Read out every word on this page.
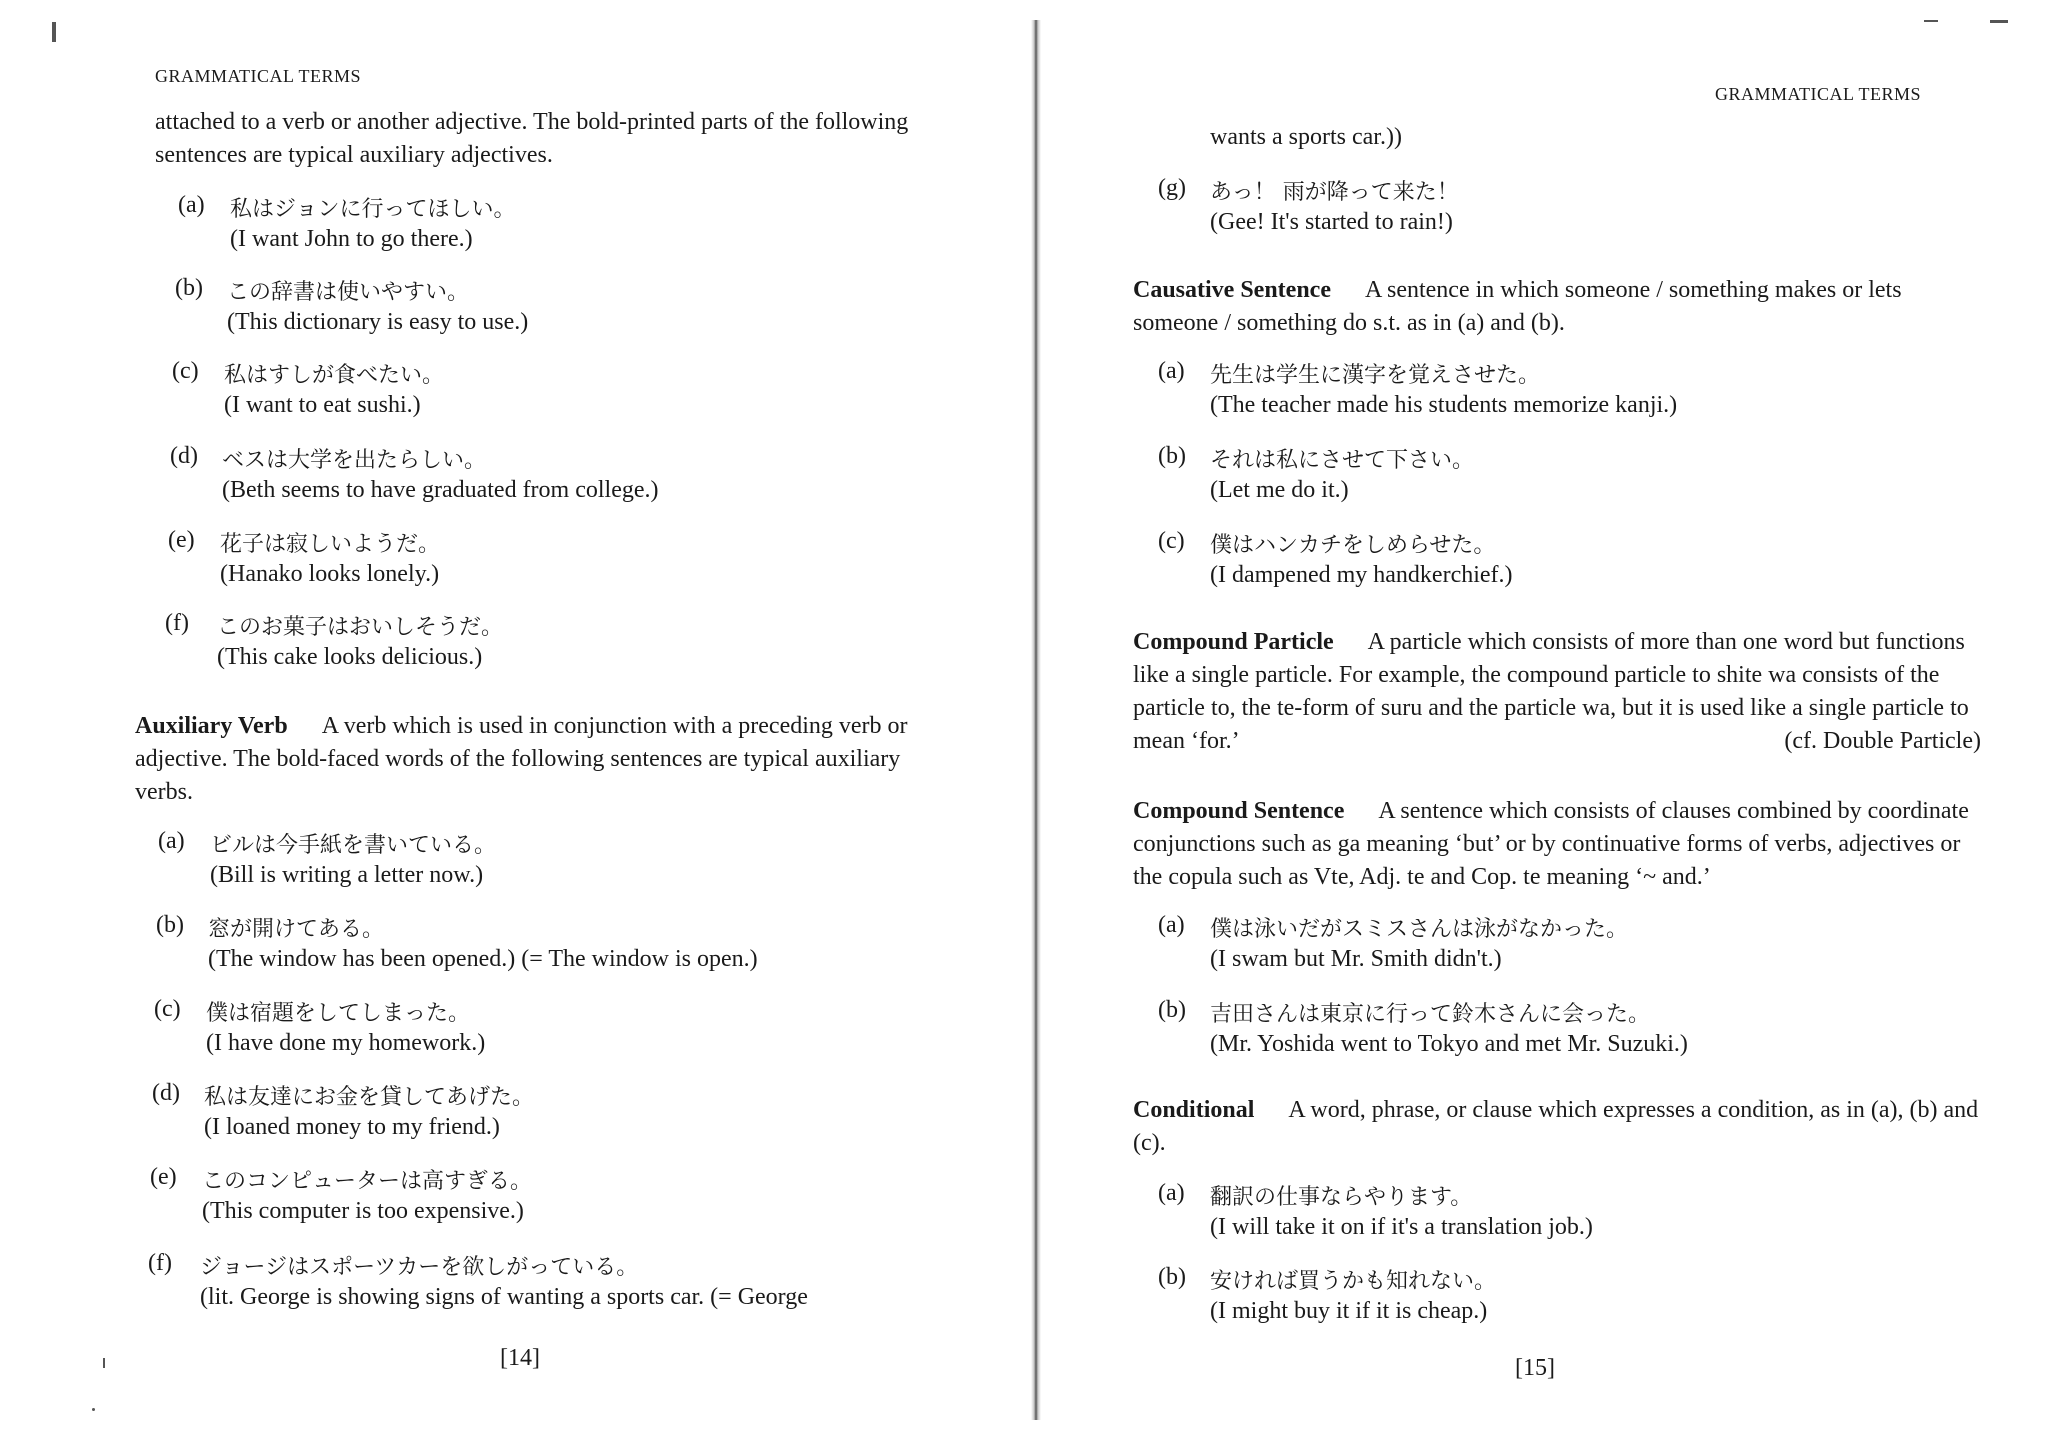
GRAMMATICAL TERMS
attached to a verb or another adjective. The bold-printed parts of the following sentences are typical auxiliary adjectives.
(a) 私はジョンに行ってほしい。
(I want John to go there.)
(b) この辞書は使いやすい。
(This dictionary is easy to use.)
(c) 私はすしが食べたい。
(I want to eat sushi.)
(d) ベスは大学を出たらしい。
(Beth seems to have graduated from college.)
(e) 花子は寂しいようだ。
(Hanako looks lonely.)
(f) このお菓子はおいしそうだ。
(This cake looks delicious.)
Auxiliary Verb A verb which is used in conjunction with a preceding verb or adjective. The bold-faced words of the following sentences are typical auxiliary verbs.
(a) ビルは今手紙を書いている。
(Bill is writing a letter now.)
(b) 窓が開けてある。
(The window has been opened.) (= The window is open.)
(c) 僕は宿題をしてしまった。
(I have done my homework.)
(d) 私は友達にお金を貸してあげた。
(I loaned money to my friend.)
(e) このコンピューターは高すぎる。
(This computer is too expensive.)
(f) ジョージはスポーツカーを欲しがっている。
(lit. George is showing signs of wanting a sports car. (= George
[14]
GRAMMATICAL TERMS
wants a sports car.))
(g) あっ！ 雨が降って来た！
(Gee! It's started to rain!)
Causative Sentence A sentence in which someone / something makes or lets someone / something do s.t. as in (a) and (b).
(a) 先生は学生に漢字を覚えさせた。
(The teacher made his students memorize kanji.)
(b) それは私にさせて下さい。
(Let me do it.)
(c) 僕はハンカチをしめらせた。
(I dampened my handkerchief.)
Compound Particle A particle which consists of more than one word but functions like a single particle. For example, the compound particle to shite wa consists of the particle to, the te-form of suru and the particle wa, but it is used like a single particle to mean ‘for.’	(cf. Double Particle)
Compound Sentence A sentence which consists of clauses combined by coordinate conjunctions such as ga meaning ‘but’ or by continuative forms of verbs, adjectives or the copula such as Vte, Adj. te and Cop. te meaning ‘~ and.’
(a) 僕は泳いだがスミスさんは泳がなかった。
(I swam but Mr. Smith didn't.)
(b) 吉田さんは東京に行って鈴木さんに会った。
(Mr. Yoshida went to Tokyo and met Mr. Suzuki.)
Conditional A word, phrase, or clause which expresses a condition, as in (a), (b) and (c).
(a) 翻訳の仕事ならやります。
(I will take it on if it's a translation job.)
(b) 安ければ買うかも知れない。
(I might buy it if it is cheap.)
[15]
